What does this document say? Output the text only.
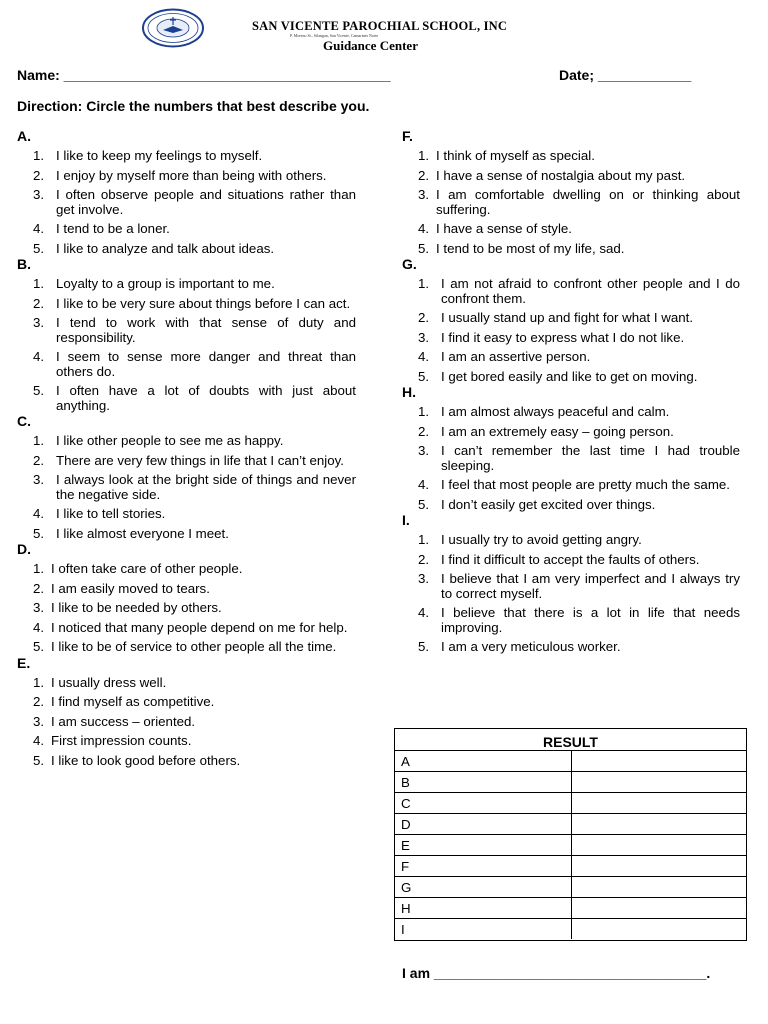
SAN VICENTE PAROCHIAL SCHOOL, INC
P. Moreno St., Silangan, San Vicente, Camarines Norte
Guidance Center
Name: __________________________________________	Date; ____________
Direction: Circle the numbers that best describe you.
A.
1. I like to keep my feelings to myself.
2. I enjoy by myself more than being with others.
3. I often observe people and situations rather than get involve.
4. I tend to be a loner.
5. I like to analyze and talk about ideas.
B.
1. Loyalty to a group is important to me.
2. I like to be very sure about things before I can act.
3. I tend to work with that sense of duty and responsibility.
4. I seem to sense more danger and threat than others do.
5. I often have a lot of doubts with just about anything.
C.
1. I like other people to see me as happy.
2. There are very few things in life that I can’t enjoy.
3. I always look at the bright side of things and never the negative side.
4. I like to tell stories.
5. I like almost everyone I meet.
D.
1. I often take care of other people.
2. I am easily moved to tears.
3. I like to be needed by others.
4. I noticed that many people depend on me for help.
5. I like to be of service to other people all the time.
E.
1. I usually dress well.
2. I find myself as competitive.
3. I am success – oriented.
4. First impression counts.
5. I like to look good before others.
F.
1. I think of myself as special.
2. I have a sense of nostalgia about my past.
3. I am comfortable dwelling on or thinking about suffering.
4. I have a sense of style.
5. I tend to be most of my life, sad.
G.
1. I am not afraid to confront other people and I do confront them.
2. I usually stand up and fight for what I want.
3. I find it easy to express what I do not like.
4. I am an assertive person.
5. I get bored easily and like to get on moving.
H.
1. I am almost always peaceful and calm.
2. I am an extremely easy – going person.
3. I can’t remember the last time I had trouble sleeping.
4. I feel that most people are pretty much the same.
5. I don’t easily get excited over things.
I.
1. I usually try to avoid getting angry.
2. I find it difficult to accept the faults of others.
3. I believe that I am very imperfect and I always try to correct myself.
4. I believe that there is a lot in life that needs improving.
5. I am a very meticulous worker.
RESULT
A
B
C
D
E
F
G
H
I
I am ___________________________________.
